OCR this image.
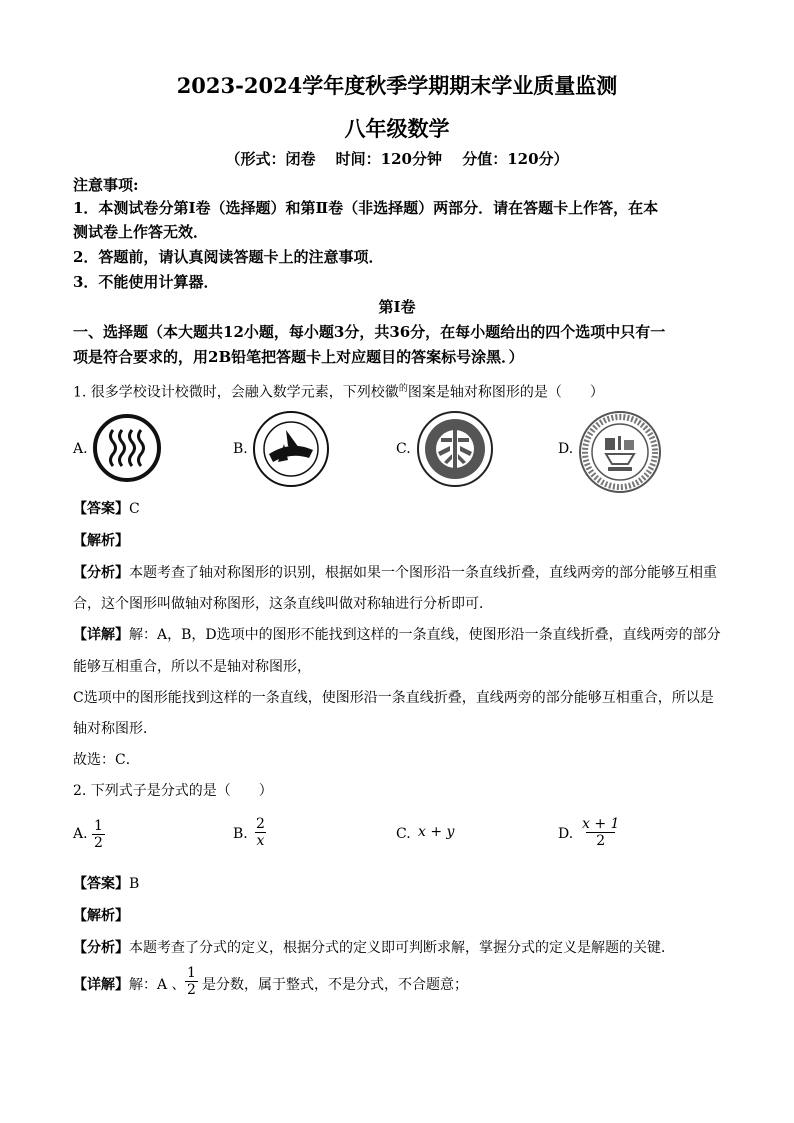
2023-2024学年度秋季学期期末学业质量监测
八年级数学
（形式：闭卷　 时间：120分钟　 分值：120分）
注意事项:
1．本测试卷分第Ⅰ卷（选择题）和第Ⅱ卷（非选择题）两部分．请在答题卡上作答，在本
测试卷上作答无效．
2．答题前，请认真阅读答题卡上的注意事项．
3．不能使用计算器．
第Ⅰ卷
一、选择题（本大题共12小题，每小题3分，共36分，在每小题给出的四个选项中只有一
项是符合要求的，用2B铅笔把答题卡上对应题目的答案标号涂黑．）
1. 很多学校设计校微时，会融入数学元素，下列校徽$^的$图案是轴对称图形的是（　　）
A.	B.	C.	D.
【答案】C
【解析】
【分析】本题考查了轴对称图形的识别，根据如果一个图形沿一条直线折叠，直线两旁的部分能够互相重
合，这个图形叫做轴对称图形，这条直线叫做对称轴进行分析即可．
【详解】解：A，B，D选项中的图形不能找到这样的一条直线，使图形沿一条直线折叠，直线两旁的部分
能够互相重合，所以不是轴对称图形，
C选项中的图形能找到这样的一条直线，使图形沿一条直线折叠，直线两旁的部分能够互相重合，所以是
轴对称图形．
故选：C．
2. 下列式子是分式的是（　　）
A. $\frac{1}{2}$	B. $\frac{2}{x}$	C. x + y	D. $\frac{x + 1}{2}$
【答案】B
【解析】
【分析】本题考查了分式的定义，根据分式的定义即可判断求解，掌握分式的定义是解题的关键．
【详解】解：A 、 $\frac{1}{2}$ 是分数，属于整式，不是分式，不合题意；
